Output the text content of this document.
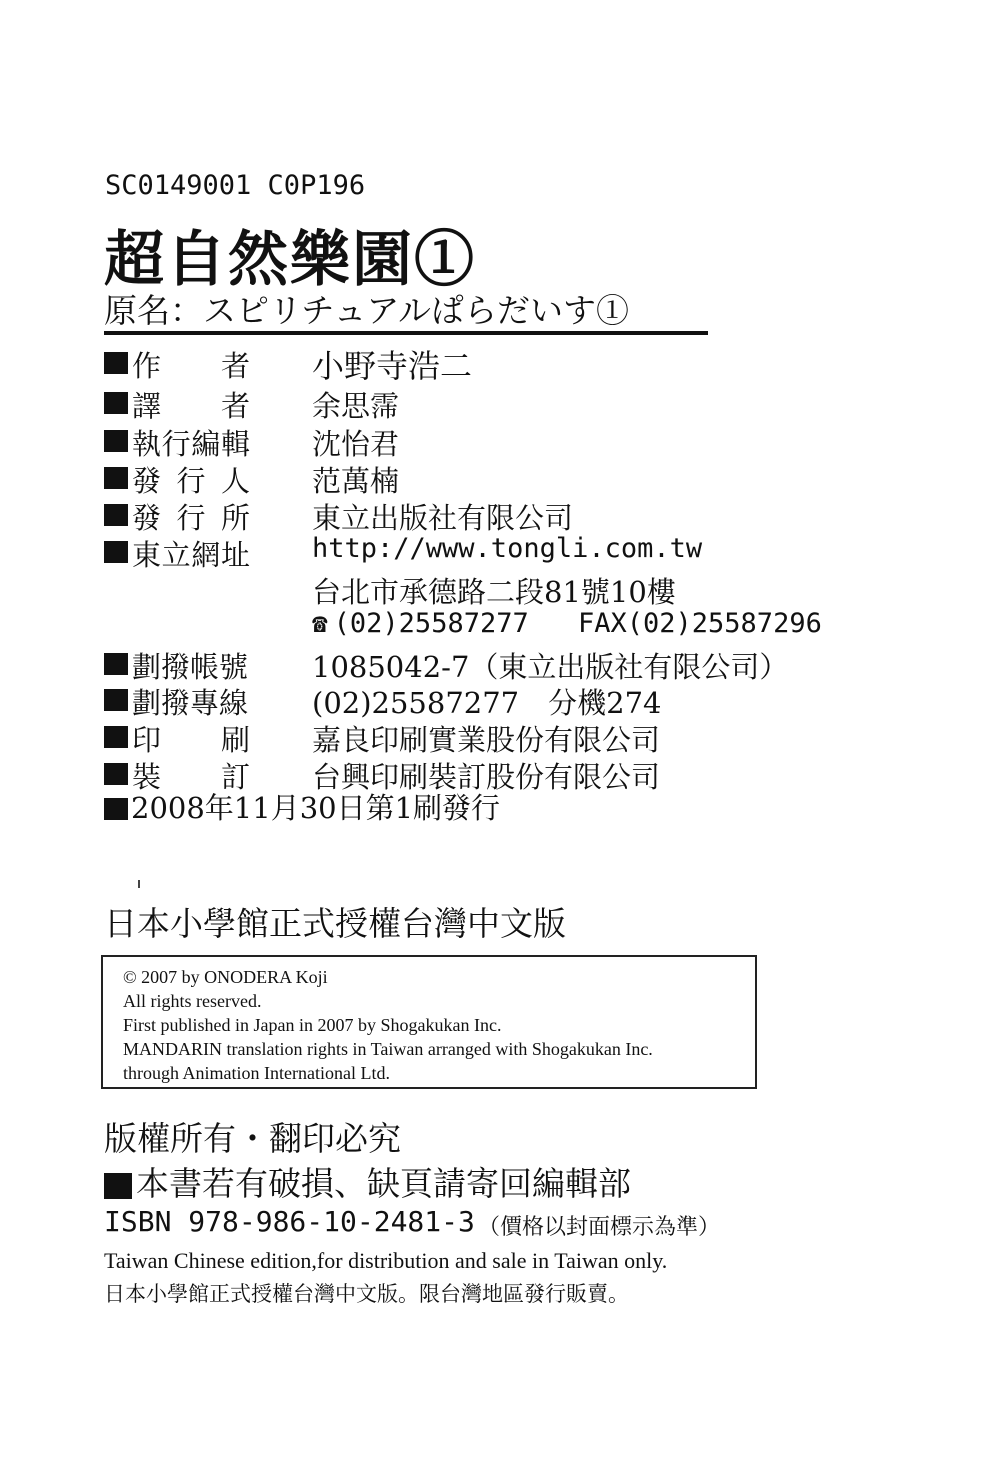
SC0149001 C0P196
超自然樂園①
原名：スピリチュアルぱらだいす①
作 者 小野寺浩二
譯 者 余思霈
執 行 編 輯 沈怡君
發 行 人 范萬楠
發 行 所 東立出版社有限公司
東 立 網 址 http://www.tongli.com.tw
台北市承德路二段81號10樓
☎ (02)25587277 FAX(02)25587296
劃撥帳號 1085042-7（東立出版社有限公司）
劃撥專線 (02)25587277　分機274
印 刷 嘉良印刷實業股份有限公司
裝 訂 台興印刷裝訂股份有限公司
2008年11月30日第1刷發行
日本小學館正式授權台灣中文版
© 2007 by ONODERA Koji
All rights reserved.
First published in Japan in 2007 by Shogakukan Inc.
MANDARIN translation rights in Taiwan arranged with Shogakukan Inc.
through Animation International Ltd.
版權所有・翻印必究
本書若有破損、缺頁請寄回編輯部
ISBN 978-986-10-2481-3 （價格以封面標示為準）
Taiwan Chinese edition,for distribution and sale in Taiwan only.
日本小學館正式授權台灣中文版。限台灣地區發行販賣。
